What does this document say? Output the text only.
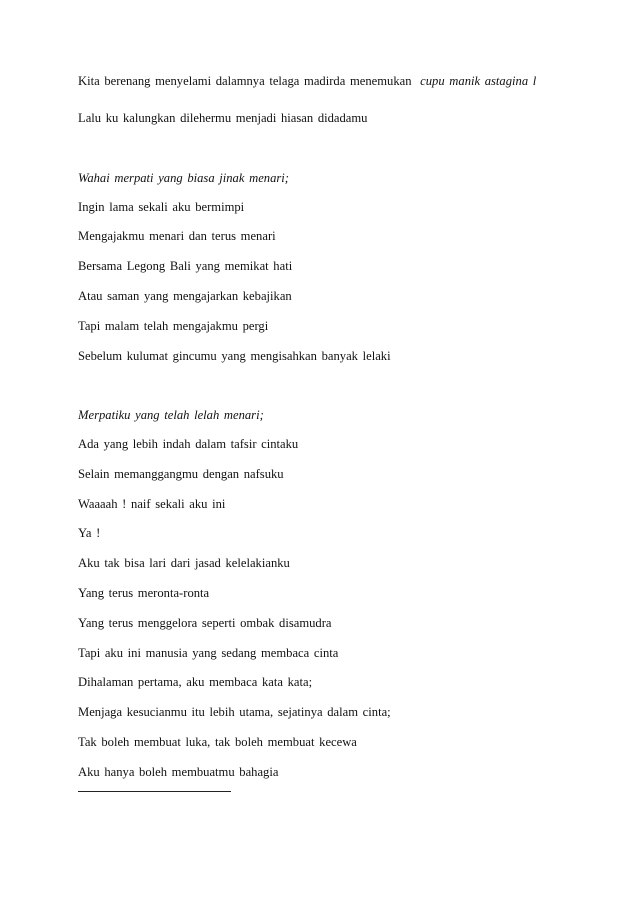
Kita berenang menyelami dalamnya telaga madirda menemukan cupu manik astagina l
Lalu ku kalungkan dilehermu menjadi hiasan didadamu
Wahai merpati yang biasa jinak menari;
Ingin lama sekali aku bermimpi
Mengajakmu menari dan terus menari
Bersama Legong Bali yang memikat hati
Atau saman yang mengajarkan kebajikan
Tapi malam telah mengajakmu pergi
Sebelum kulumat gincumu yang mengisahkan banyak lelaki
Merpatiku yang telah lelah menari;
Ada yang lebih indah dalam tafsir cintaku
Selain memanggangmu dengan nafsuku
Waaaah ! naif sekali aku ini
Ya !
Aku tak bisa lari dari jasad kelelakianku
Yang terus meronta-ronta
Yang terus menggelora seperti ombak disamudra
Tapi aku ini manusia yang sedang membaca cinta
Dihalaman pertama, aku membaca kata kata;
Menjaga kesucianmu itu lebih utama, sejatinya dalam cinta;
Tak boleh membuat luka, tak boleh membuat kecewa
Aku hanya boleh membuatmu bahagia
